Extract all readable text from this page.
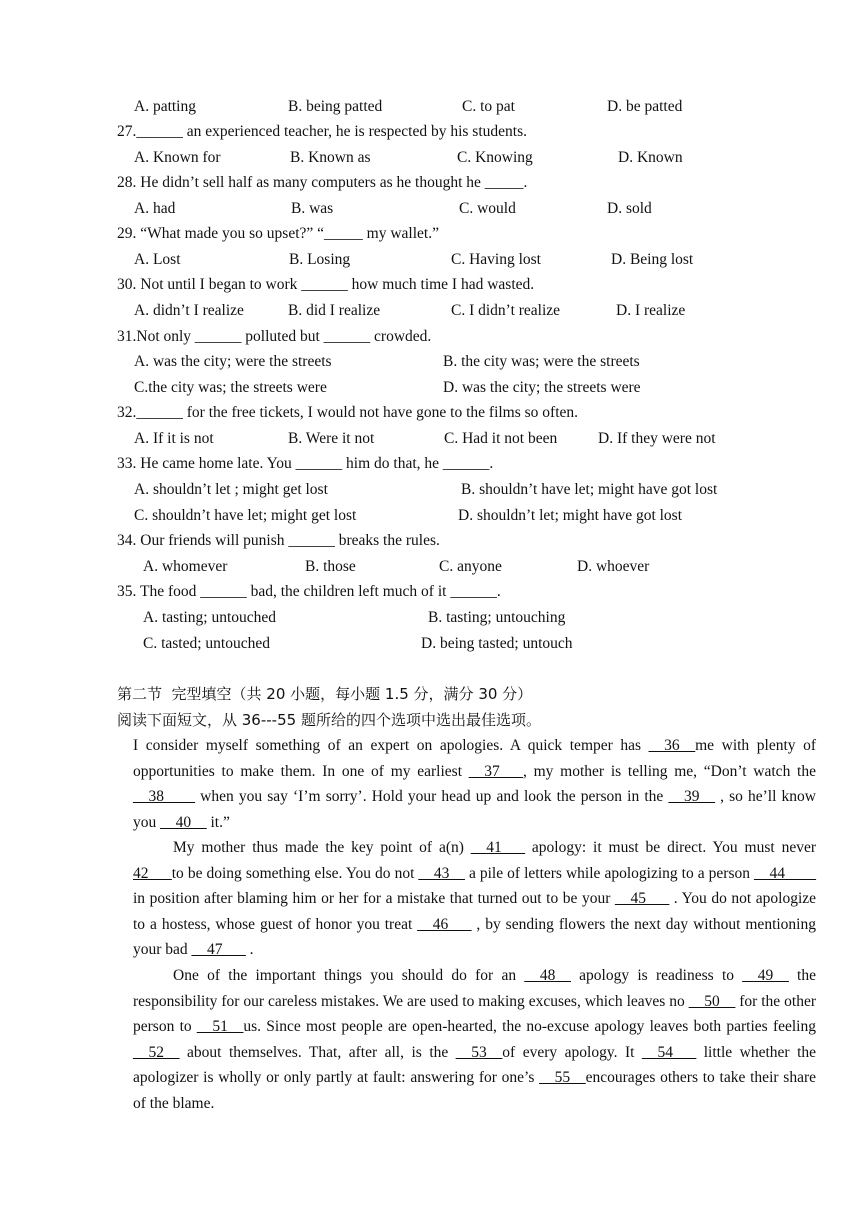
A. patting	B. being patted	C. to pat	D. be patted
27.______ an experienced teacher, he is respected by his students.
A. Known for	B. Known as	C. Knowing	D. Known
28. He didn’t sell half as many computers as he thought he _____.
A. had	B. was	C. would	D. sold
29. “What made you so upset?” “_____ my wallet.”
A. Lost	B. Losing	C. Having lost	D. Being lost
30. Not until I began to work ______ how much time I had wasted.
A. didn’t I realize	B. did I realize	C. I didn’t realize	D. I realize
31.Not only ______ polluted but ______ crowded.
A. was the city; were the streets	B. the city was; were the streets
C.the city was; the streets were	D. was the city; the streets were
32.______ for the free tickets, I would not have gone to the films so often.
A. If it is not	B. Were it not	C. Had it not been	D. If they were not
33. He came home late. You ______ him do that, he ______.
A. shouldn’t let ; might get lost	B. shouldn’t have let; might have got lost
C. shouldn’t have let; might get lost	D. shouldn’t let; might have got lost
34. Our friends will punish ______ breaks the rules.
A. whomever	B. those	C. anyone	D. whoever
35. The food ______ bad, the children left much of it ______.
A. tasting; untouched	B. tasting; untouching
C. tasted; untouched	D. being tasted; untouch
第二节  完型填空（共 20 小题，每小题 1.5 分，满分 30 分）
阅读下面短文，从 36---55 题所给的四个选项中选出最佳选项。
I consider myself something of an expert on apologies. A quick temper has __36__me with plenty of opportunities to make them. In one of my earliest __37___, my mother is telling me, “Don’t watch the __38____ when you say ‘I’m sorry’. Hold your head up and look the person in the __39__ , so he’ll know you __40__ it.”
My mother thus made the key point of a(n) __41___ apology: it must be direct. You must never 42___to be doing something else. You do not __43__ a pile of letters while apologizing to a person __44____ in position after blaming him or her for a mistake that turned out to be your __45___ . You do not apologize to a hostess, whose guest of honor you treat __46___ , by sending flowers the next day without mentioning your bad __47___ .
One of the important things you should do for an __48__ apology is readiness to __49__ the responsibility for our careless mistakes. We are used to making excuses, which leaves no __50__ for the other person to __51__us. Since most people are open-hearted, the no-excuse apology leaves both parties feeling __52__ about themselves. That, after all, is the __53__of every apology. It __54___ little whether the apologizer is wholly or only partly at fault: answering for one’s __55__encourages others to take their share of the blame.
